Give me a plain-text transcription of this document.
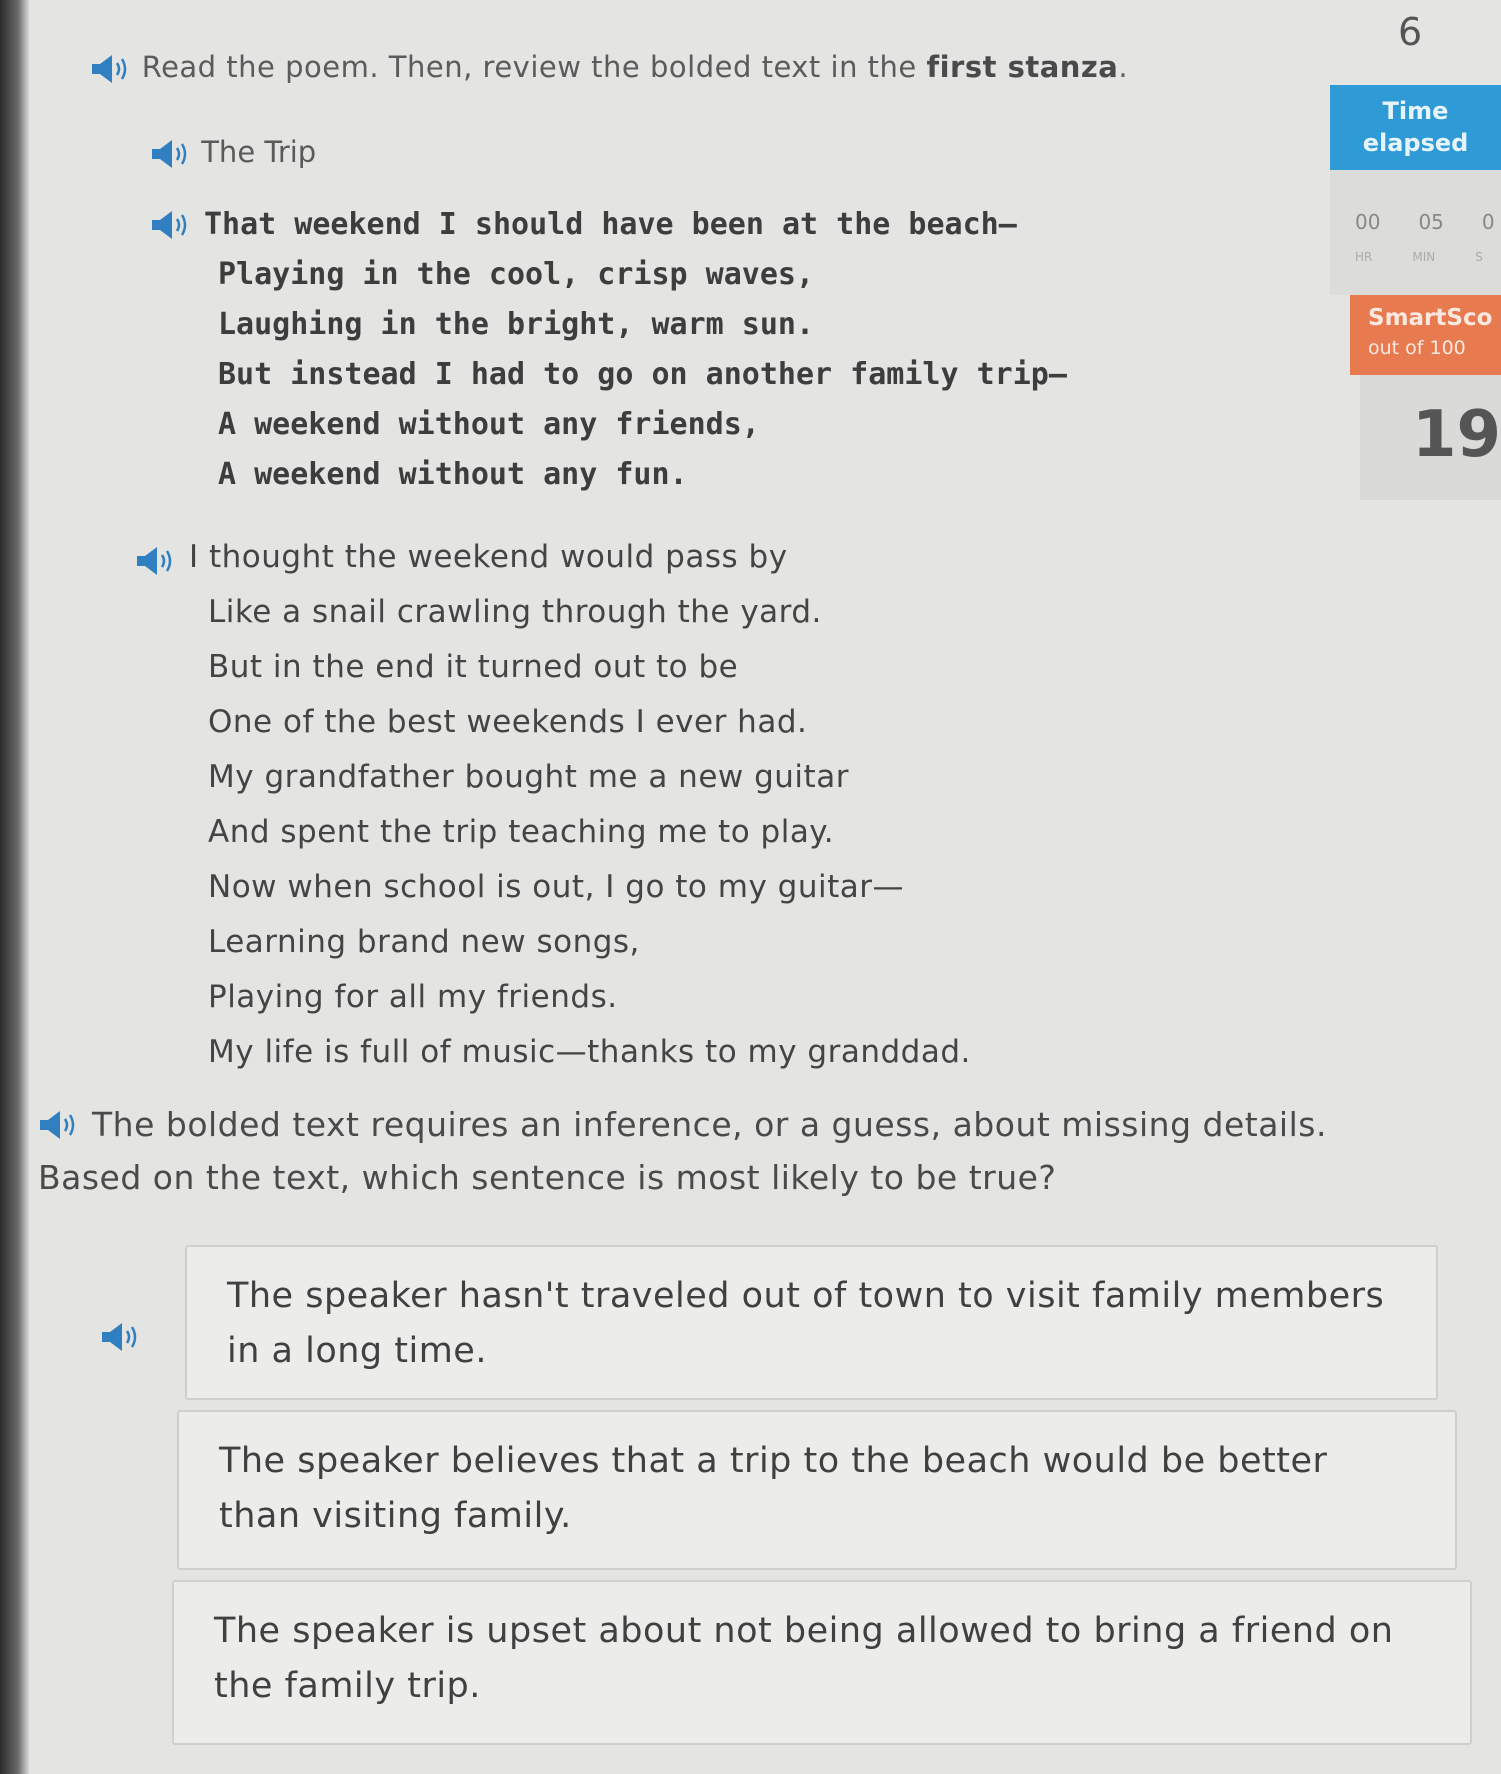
6
Read the poem. Then, review the bolded text in the first stanza.
The Trip
That weekend I should have been at the beach—
Playing in the cool, crisp waves,
Laughing in the bright, warm sun.
But instead I had to go on another family trip—
A weekend without any friends,
A weekend without any fun.
I thought the weekend would pass by
Like a snail crawling through the yard.
But in the end it turned out to be
One of the best weekends I ever had.
My grandfather bought me a new guitar
And spent the trip teaching me to play.
Now when school is out, I go to my guitar—
Learning brand new songs,
Playing for all my friends.
My life is full of music—thanks to my granddad.
The bolded text requires an inference, or a guess, about missing details.
Based on the text, which sentence is most likely to be true?
The speaker hasn't traveled out of town to visit family members in a long time.
The speaker believes that a trip to the beach would be better than visiting family.
The speaker is upset about not being allowed to bring a friend on the family trip.
Time
elapsed
00 05 0
HR	MIN	S
SmartSco
out of 100
19
